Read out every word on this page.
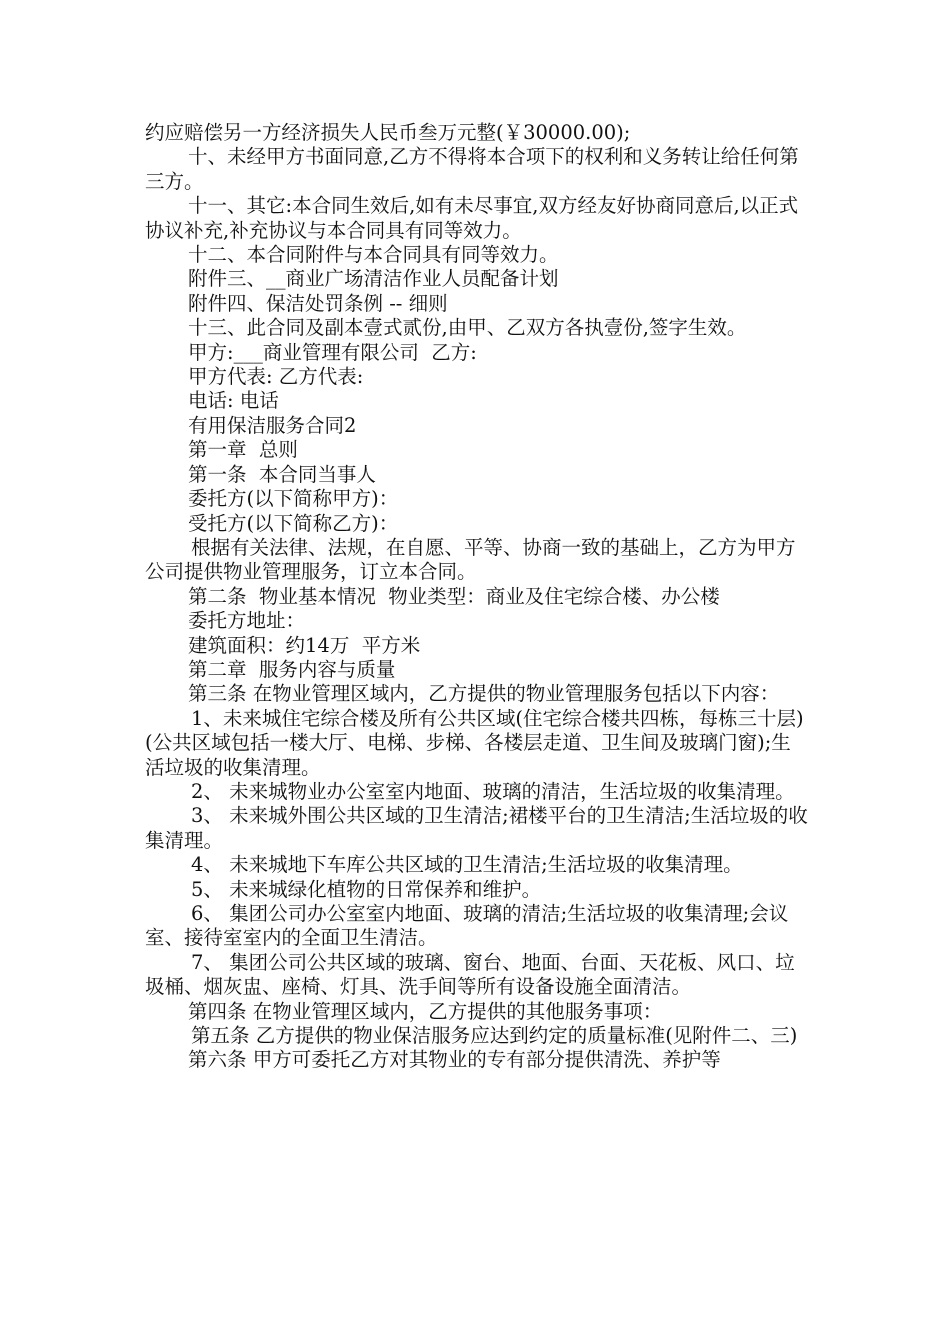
约应赔偿另一方经济损失人民币叁万元整(￥30000.00);

十、未经甲方书面同意,乙方不得将本合项下的权利和义务转让给任何第三方。

十一、其它:本合同生效后,如有未尽事宜,双方经友好协商同意后,以正式协议补充,补充协议与本合同具有同等效力。

十二、本合同附件与本合同具有同等效力。

附件三、__商业广场清洁作业人员配备计划

附件四、保洁处罚条例 -- 细则

十三、此合同及副本壹式贰份,由甲、乙双方各执壹份,签字生效。

甲方:___商业管理有限公司  乙方:

甲方代表: 乙方代表:

电话: 电话

有用保洁服务合同2

第一章  总则

第一条  本合同当事人

委托方(以下简称甲方)：

受托方(以下简称乙方)：

根据有关法律、法规，在自愿、平等、协商一致的基础上，乙方为甲方 公司提供物业管理服务，订立本合同。

第二条  物业基本情况  物业类型：商业及住宅综合楼、办公楼

委托方地址：

建筑面积：约14万  平方米

第二章  服务内容与质量

第三条 在物业管理区域内，乙方提供的物业管理服务包括以下内容：

1、未来城住宅综合楼及所有公共区域(住宅综合楼共四栋，每栋三十层)(公共区域包括一楼大厅、电梯、步梯、各楼层走道、卫生间及玻璃门窗);生活垃圾的收集清理。

2、 未来城物业办公室室内地面、玻璃的清洁，生活垃圾的收集清理。

3、 未来城外围公共区域的卫生清洁;裙楼平台的卫生清洁;生活垃圾的收集清理。

4、 未来城地下车库公共区域的卫生清洁;生活垃圾的收集清理。

5、 未来城绿化植物的日常保养和维护。

6、 集团公司办公室室内地面、玻璃的清洁;生活垃圾的收集清理;会议室、接待室室内的全面卫生清洁。

7、 集团公司公共区域的玻璃、窗台、地面、台面、天花板、风口、垃圾桶、烟灰盅、座椅、灯具、洗手间等所有设备设施全面清洁。

第四条 在物业管理区域内，乙方提供的其他服务事项：

第五条 乙方提供的物业保洁服务应达到约定的质量标准(见附件二、三)

第六条 甲方可委托乙方对其物业的专有部分提供清洗、养护等
